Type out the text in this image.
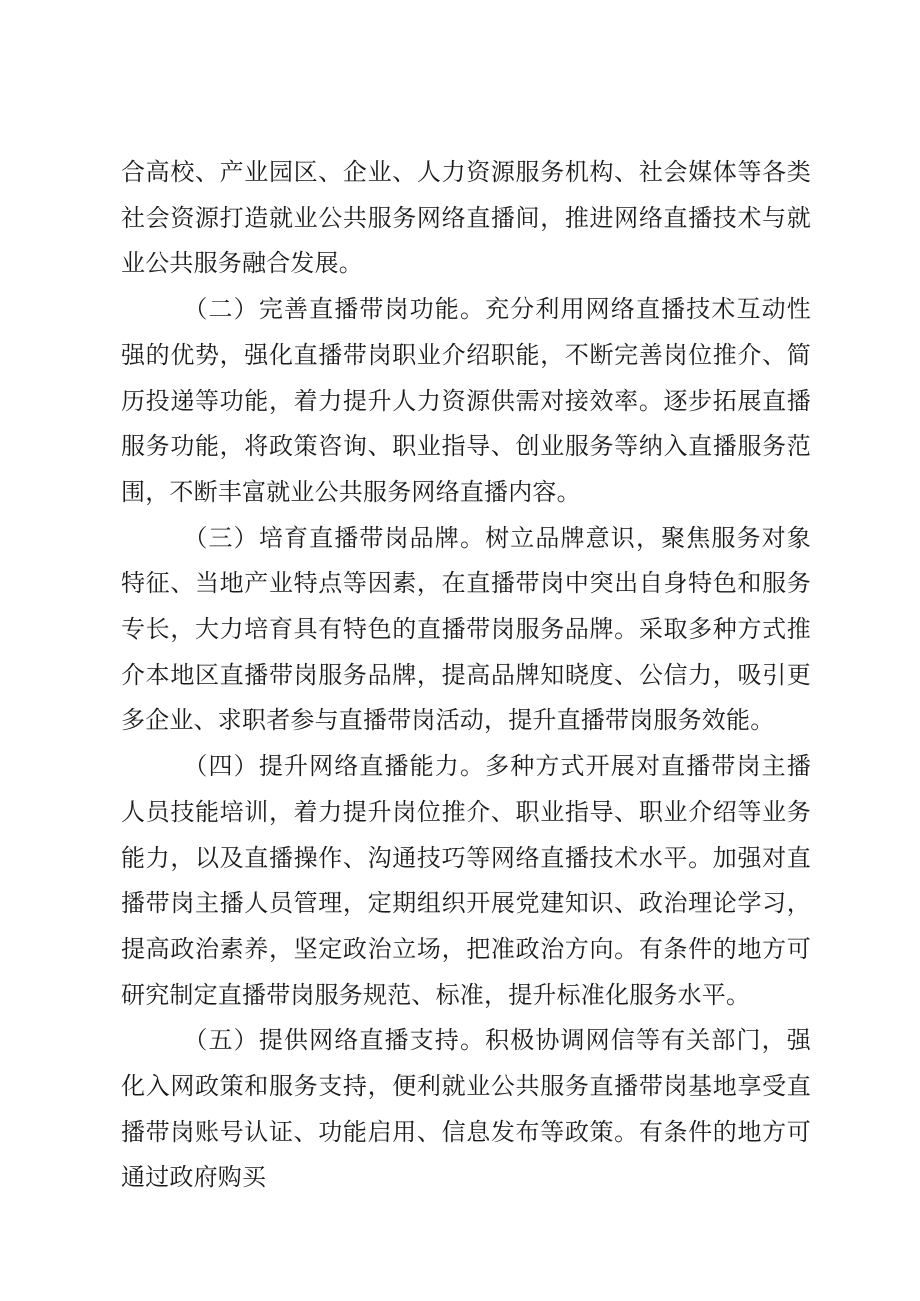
合高校、产业园区、企业、人力资源服务机构、社会媒体等各类社会资源打造就业公共服务网络直播间，推进网络直播技术与就业公共服务融合发展。

（二）完善直播带岗功能。充分利用网络直播技术互动性强的优势，强化直播带岗职业介绍职能，不断完善岗位推介、简历投递等功能，着力提升人力资源供需对接效率。逐步拓展直播服务功能，将政策咨询、职业指导、创业服务等纳入直播服务范围，不断丰富就业公共服务网络直播内容。

（三）培育直播带岗品牌。树立品牌意识，聚焦服务对象特征、当地产业特点等因素，在直播带岗中突出自身特色和服务专长，大力培育具有特色的直播带岗服务品牌。采取多种方式推介本地区直播带岗服务品牌，提高品牌知晓度、公信力，吸引更多企业、求职者参与直播带岗活动，提升直播带岗服务效能。

（四）提升网络直播能力。多种方式开展对直播带岗主播人员技能培训，着力提升岗位推介、职业指导、职业介绍等业务能力，以及直播操作、沟通技巧等网络直播技术水平。加强对直播带岗主播人员管理，定期组织开展党建知识、政治理论学习，提高政治素养，坚定政治立场，把准政治方向。有条件的地方可研究制定直播带岗服务规范、标准，提升标准化服务水平。

（五）提供网络直播支持。积极协调网信等有关部门，强化入网政策和服务支持，便利就业公共服务直播带岗基地享受直播带岗账号认证、功能启用、信息发布等政策。有条件的地方可通过政府购买
